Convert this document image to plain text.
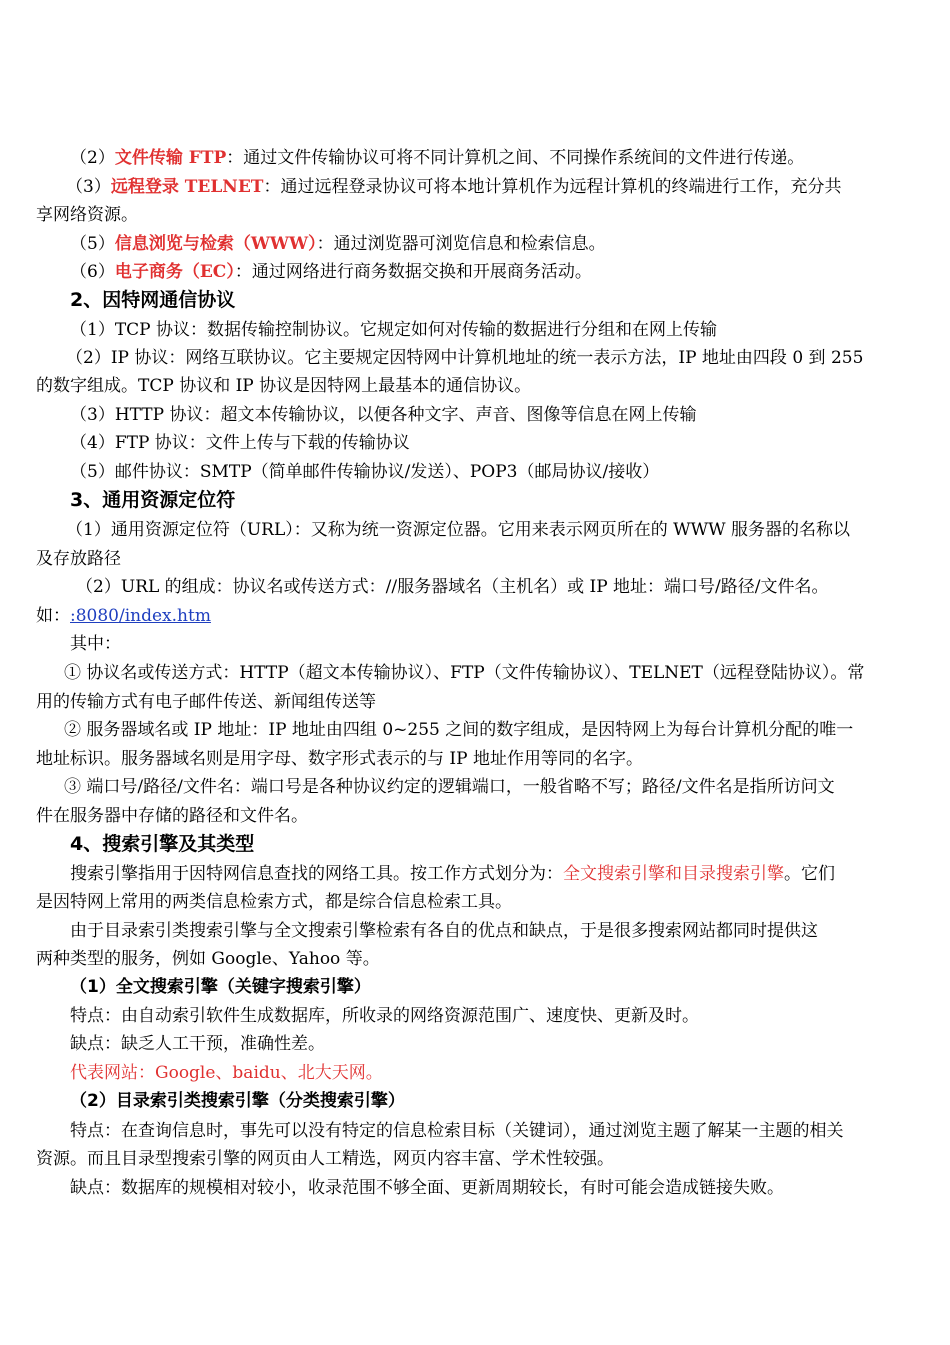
（2）文件传输 FTP：通过文件传输协议可将不同计算机之间、不同操作系统间的文件进行传递。
（3）远程登录 TELNET：通过远程登录协议可将本地计算机作为远程计算机的终端进行工作，充分共
享网络资源。
（5）信息浏览与检索（WWW）：通过浏览器可浏览信息和检索信息。
（6）电子商务（EC）：通过网络进行商务数据交换和开展商务活动。
2、因特网通信协议
（1）TCP 协议：数据传输控制协议。它规定如何对传输的数据进行分组和在网上传输
（2）IP 协议：网络互联协议。它主要规定因特网中计算机地址的统一表示方法，IP 地址由四段 0 到 255
的数字组成。TCP 协议和 IP 协议是因特网上最基本的通信协议。
（3）HTTP 协议：超文本传输协议，以便各种文字、声音、图像等信息在网上传输
（4）FTP 协议：文件上传与下载的传输协议
（5）邮件协议：SMTP（简单邮件传输协议/发送）、POP3（邮局协议/接收）
3、通用资源定位符
（1）通用资源定位符（URL）：又称为统一资源定位器。它用来表示网页所在的 WWW 服务器的名称以
及存放路径
（2）URL 的组成：协议名或传送方式：//服务器域名（主机名）或 IP 地址：端口号/路径/文件名。
如：:8080/index.htm
其中：
① 协议名或传送方式：HTTP（超文本传输协议）、FTP（文件传输协议）、TELNET（远程登陆协议）。常
用的传输方式有电子邮件传送、新闻组传送等
② 服务器域名或 IP 地址：IP 地址由四组 0~255 之间的数字组成，是因特网上为每台计算机分配的唯一
地址标识。服务器域名则是用字母、数字形式表示的与 IP 地址作用等同的名字。
③ 端口号/路径/文件名：端口号是各种协议约定的逻辑端口，一般省略不写；路径/文件名是指所访问文
件在服务器中存储的路径和文件名。
4、搜索引擎及其类型
搜索引擎指用于因特网信息查找的网络工具。按工作方式划分为：全文搜索引擎和目录搜索引擎。它们
是因特网上常用的两类信息检索方式，都是综合信息检索工具。
由于目录索引类搜索引擎与全文搜索引擎检索有各自的优点和缺点，于是很多搜索网站都同时提供这
两种类型的服务，例如 Google、Yahoo 等。
（1）全文搜索引擎（关键字搜索引擎）
特点：由自动索引软件生成数据库，所收录的网络资源范围广、速度快、更新及时。
缺点：缺乏人工干预，准确性差。
代表网站：Google、baidu、北大天网。
（2）目录索引类搜索引擎（分类搜索引擎）
特点：在查询信息时，事先可以没有特定的信息检索目标（关键词），通过浏览主题了解某一主题的相关
资源。而且目录型搜索引擎的网页由人工精选，网页内容丰富、学术性较强。
缺点：数据库的规模相对较小，收录范围不够全面、更新周期较长，有时可能会造成链接失败。
